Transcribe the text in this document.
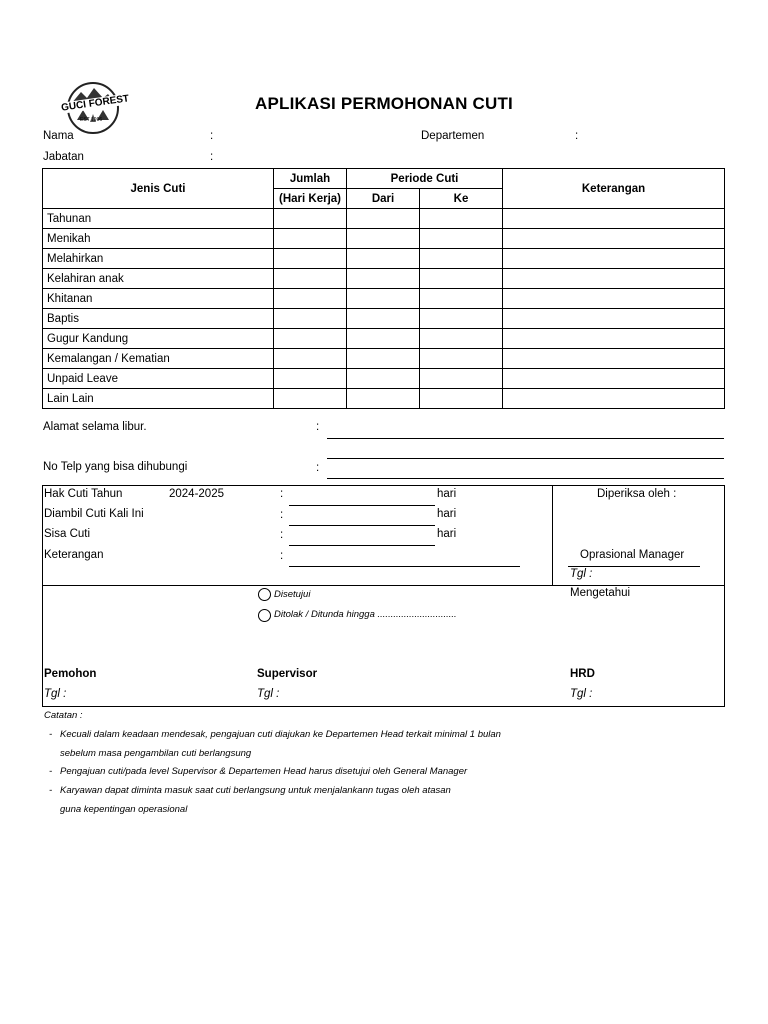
GUCI FOREST
EST 1996
APLIKASI PERMOHONAN CUTI
Nama	:	Departemen	:
Jabatan	:
Jenis Cuti	Jumlah	Periode Cuti		Keterangan
	(Hari Kerja)	Dari	Ke	
Tahunan				
Menikah				
Melahirkan				
Kelahiran anak				
Khitanan				
Baptis				
Gugur Kandung				
Kemalangan / Kematian				
Unpaid Leave				
Lain Lain				
Alamat selama libur.	:
No Telp yang bisa dihubungi	:
Hak Cuti Tahun	2024-2025	:	hari
Diambil Cuti Kali Ini	:	hari
Sisa Cuti	:	hari
Keterangan	:
Diperiksa oleh :
Oprasional Manager
Tgl :
Disetujui
Ditolak / Ditunda hingga ..............................
Mengetahui
Pemohon	Supervisor	HRD
Tgl :	Tgl :	Tgl :
Catatan :
- Kecuali dalam keadaan mendesak, pengajuan cuti diajukan ke Departemen Head terkait minimal 1 bulan
sebelum masa pengambilan cuti berlangsung
- Pengajuan cuti/pada level Supervisor & Departemen Head harus disetujui oleh General Manager
- Karyawan dapat diminta masuk saat cuti berlangsung untuk menjalankann tugas oleh atasan
guna kepentingan operasional
